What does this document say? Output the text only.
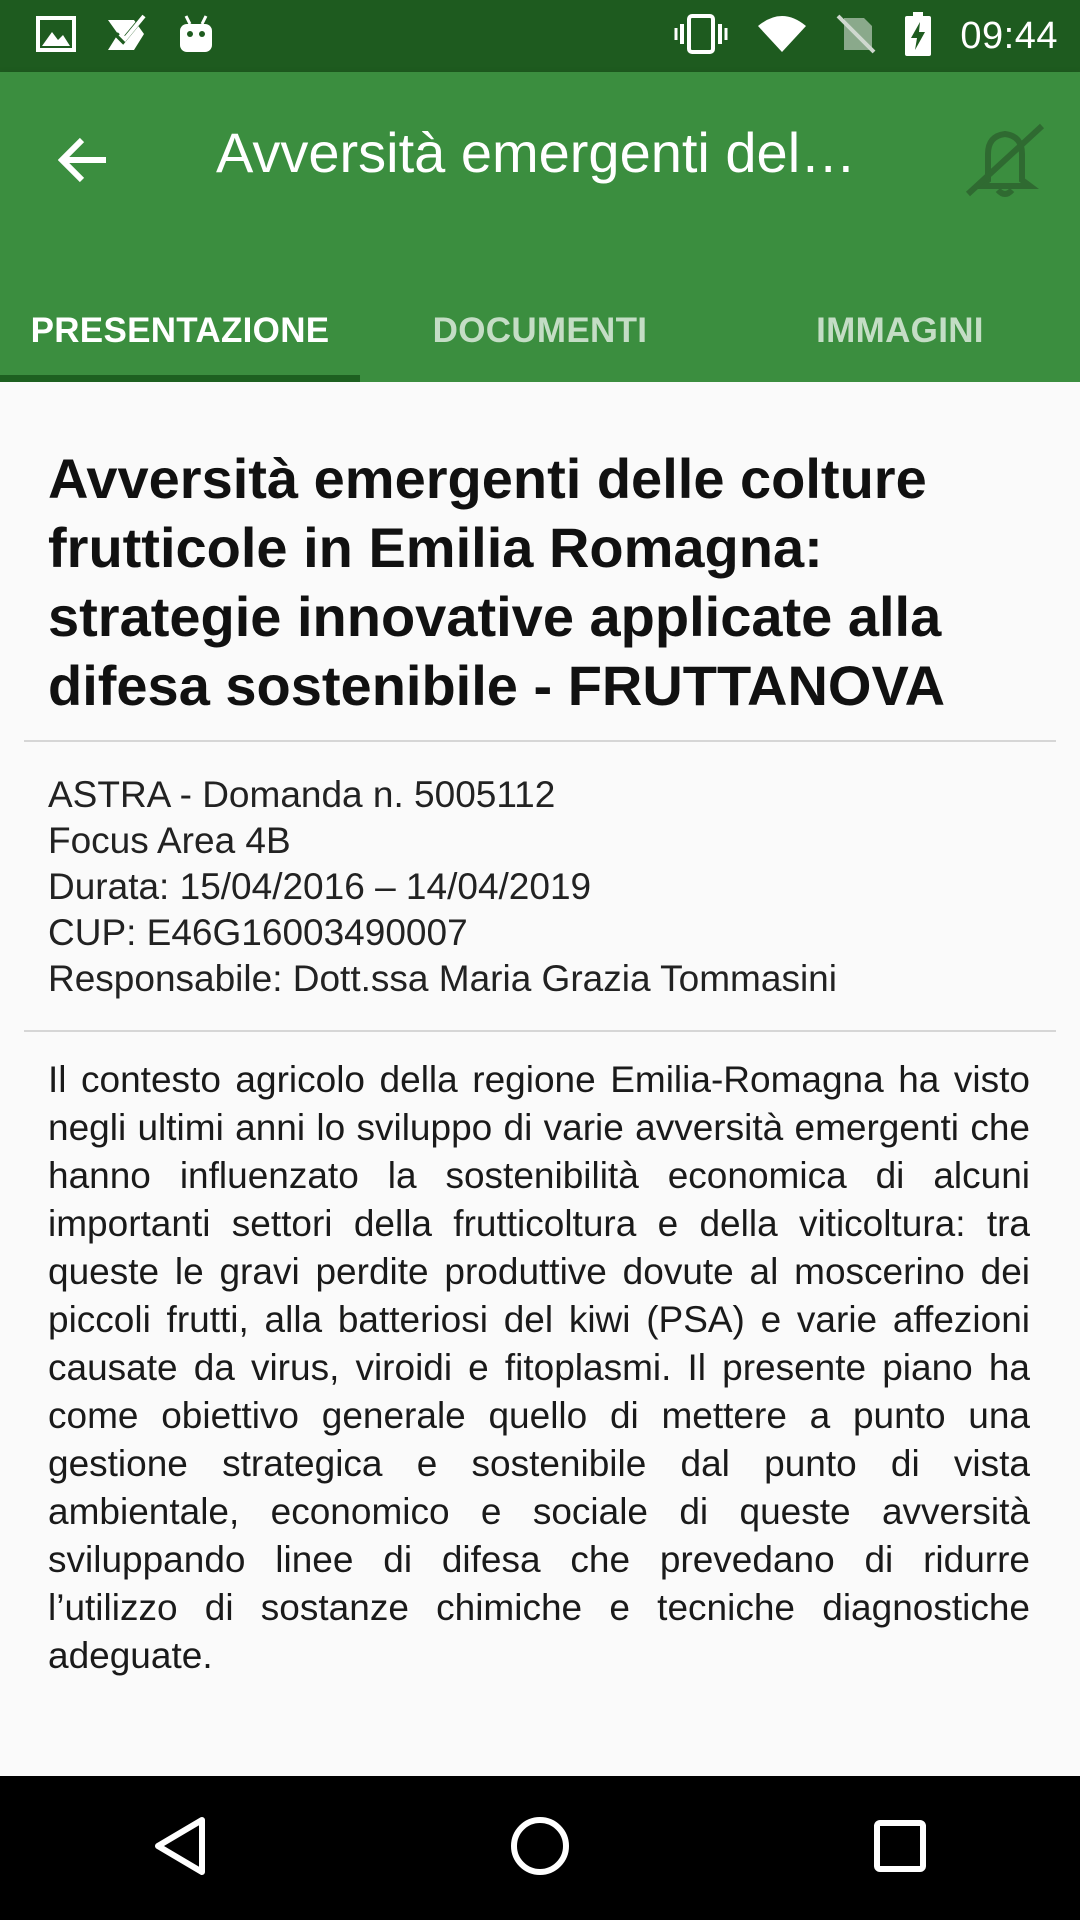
09:44
Avversità emergenti del…
PRESENTAZIONE	DOCUMENTI	IMMAGINI
Avversità emergenti delle colture frutticole in Emilia Romagna: strategie innovative applicate alla difesa sostenibile - FRUTTANOVA
ASTRA - Domanda n. 5005112
Focus Area 4B
Durata: 15/04/2016 – 14/04/2019
CUP: E46G16003490007
Responsabile: Dott.ssa Maria Grazia Tommasini
Il contesto agricolo della regione Emilia-Romagna ha visto negli ultimi anni lo sviluppo di varie avversità emergenti che hanno influenzato la sostenibilità economica di alcuni importanti settori della frutticoltura e della viticoltura: tra queste le gravi perdite produttive dovute al moscerino dei piccoli frutti, alla batteriosi del kiwi (PSA) e varie affezioni causate da virus, viroidi e fitoplasmi. Il presente piano ha come obiettivo generale quello di mettere a punto una gestione strategica e sostenibile dal punto di vista ambientale, economico e sociale di queste avversità sviluppando linee di difesa che prevedano di ridurre l’utilizzo di sostanze chimiche e tecniche diagnostiche adeguate.
